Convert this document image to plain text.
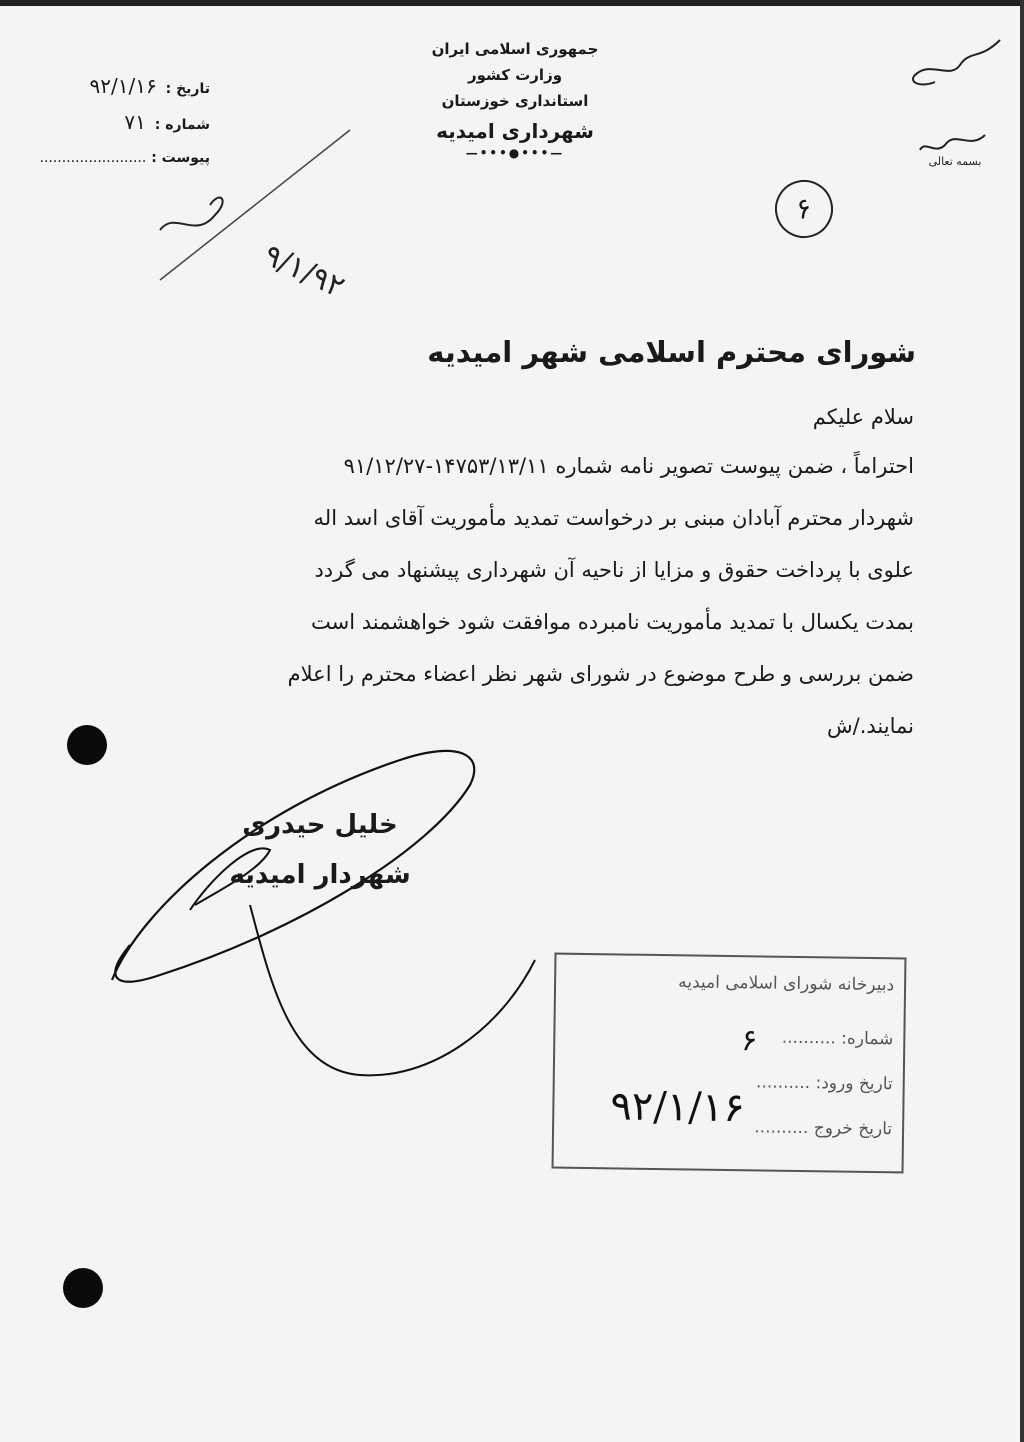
جمهوری اسلامی ایران
وزارت کشور
استانداری خوزستان
شهرداری امیدیه
—•••●•••—
تاریخ : ۹۲/۱/۱۶
شماره : ۷۱
پیوست : ........................	بسمه تعالی
۶
۹/۱/۹۲
شورای محترم اسلامی شهر امیدیه
سلام علیکم

احتراماً ، ضمن پیوست تصویر نامه شماره ۱۴۷۵۳/۱۳/۱۱-۹۱/۱۲/۲۷

شهردار محترم آبادان مبنی بر درخواست تمدید مأموریت آقای اسد اله

علوی با پرداخت حقوق و مزایا از ناحیه آن شهرداری پیشنهاد می گردد

بمدت یکسال با تمدید مأموریت نامبرده موافقت شود خواهشمند است

ضمن بررسی و طرح موضوع در شورای شهر نظر اعضاء محترم را اعلام

نمایند./ش

خلیل حیدری
شهردار امیدیه
دبیرخانه شورای اسلامی امیدیه
شماره: ..........
تاریخ ورود: ..........
تاریخ خروج ..........
۶
۹۲/۱/۱۶
